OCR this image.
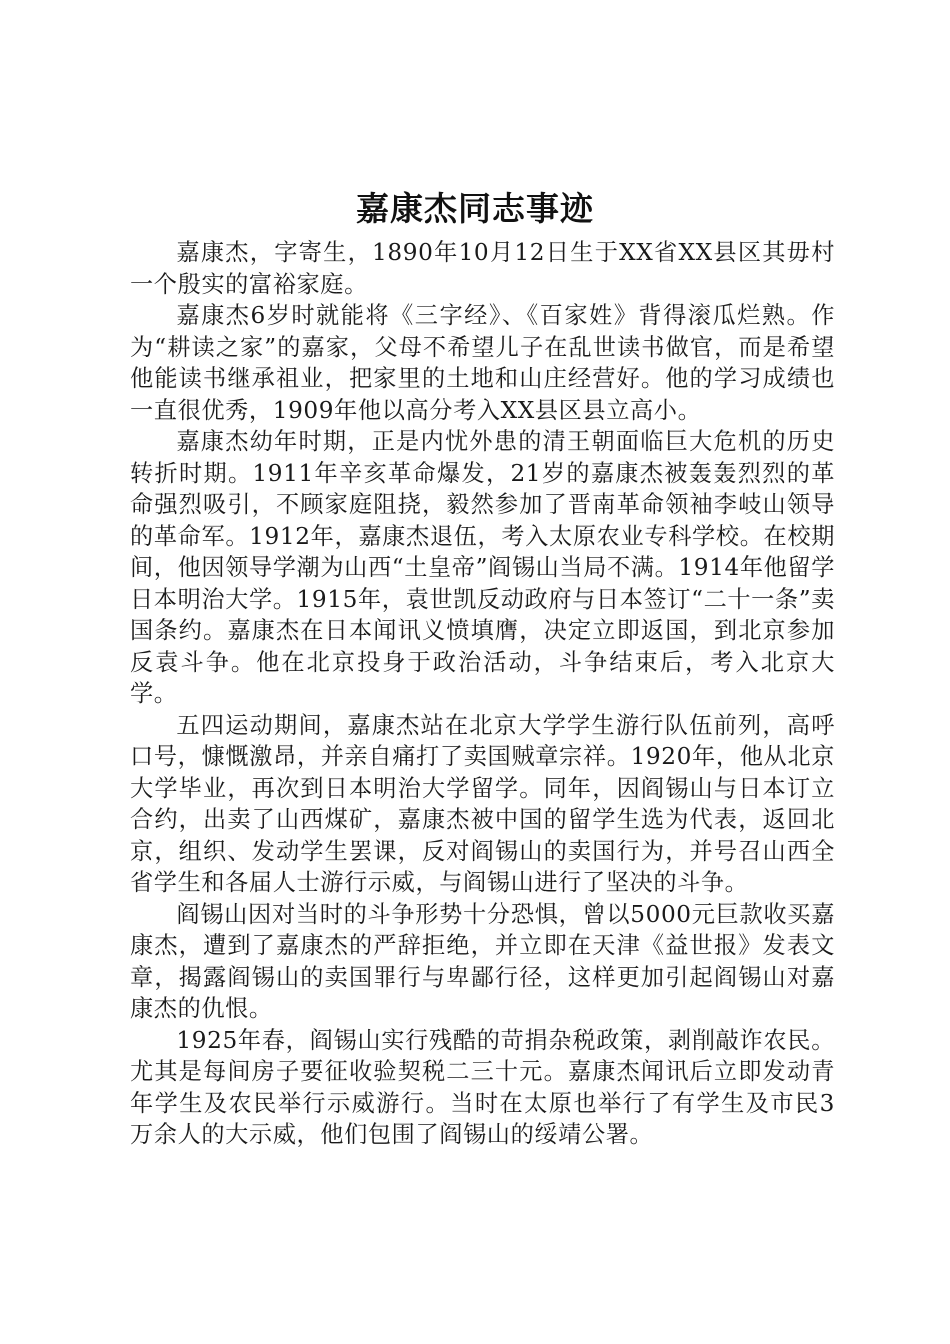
嘉康杰同志事迹

嘉康杰，字寄生，1890年10月12日生于XX省XX县区其毋村一个殷实的富裕家庭。

嘉康杰6岁时就能将《三字经》、《百家姓》背得滚瓜烂熟。作为“耕读之家”的嘉家，父母不希望儿子在乱世读书做官，而是希望他能读书继承祖业，把家里的土地和山庄经营好。他的学习成绩也一直很优秀，1909年他以高分考入XX县区县立高小。

嘉康杰幼年时期，正是内忧外患的清王朝面临巨大危机的历史转折时期。1911年辛亥革命爆发，21岁的嘉康杰被轰轰烈烈的革命强烈吸引，不顾家庭阻挠，毅然参加了晋南革命领袖李岐山领导的革命军。1912年，嘉康杰退伍，考入太原农业专科学校。在校期间，他因领导学潮为山西“土皇帝”阎锡山当局不满。1914年他留学日本明治大学。1915年，袁世凯反动政府与日本签订“二十一条”卖国条约。嘉康杰在日本闻讯义愤填膺，决定立即返国，到北京参加反袁斗争。他在北京投身于政治活动，斗争结束后，考入北京大学。

五四运动期间，嘉康杰站在北京大学学生游行队伍前列，高呼口号，慷慨激昂，并亲自痛打了卖国贼章宗祥。1920年，他从北京大学毕业，再次到日本明治大学留学。同年，因阎锡山与日本订立合约，出卖了山西煤矿，嘉康杰被中国的留学生选为代表，返回北京，组织、发动学生罢课，反对阎锡山的卖国行为，并号召山西全省学生和各届人士游行示威，与阎锡山进行了坚决的斗争。

阎锡山因对当时的斗争形势十分恐惧，曾以5000元巨款收买嘉康杰，遭到了嘉康杰的严辞拒绝，并立即在天津《益世报》发表文章，揭露阎锡山的卖国罪行与卑鄙行径，这样更加引起阎锡山对嘉康杰的仇恨。

1925年春，阎锡山实行残酷的苛捐杂税政策，剥削敲诈农民。尤其是每间房子要征收验契税二三十元。嘉康杰闻讯后立即发动青年学生及农民举行示威游行。当时在太原也举行了有学生及市民3万余人的大示威，他们包围了阎锡山的绥靖公署。
